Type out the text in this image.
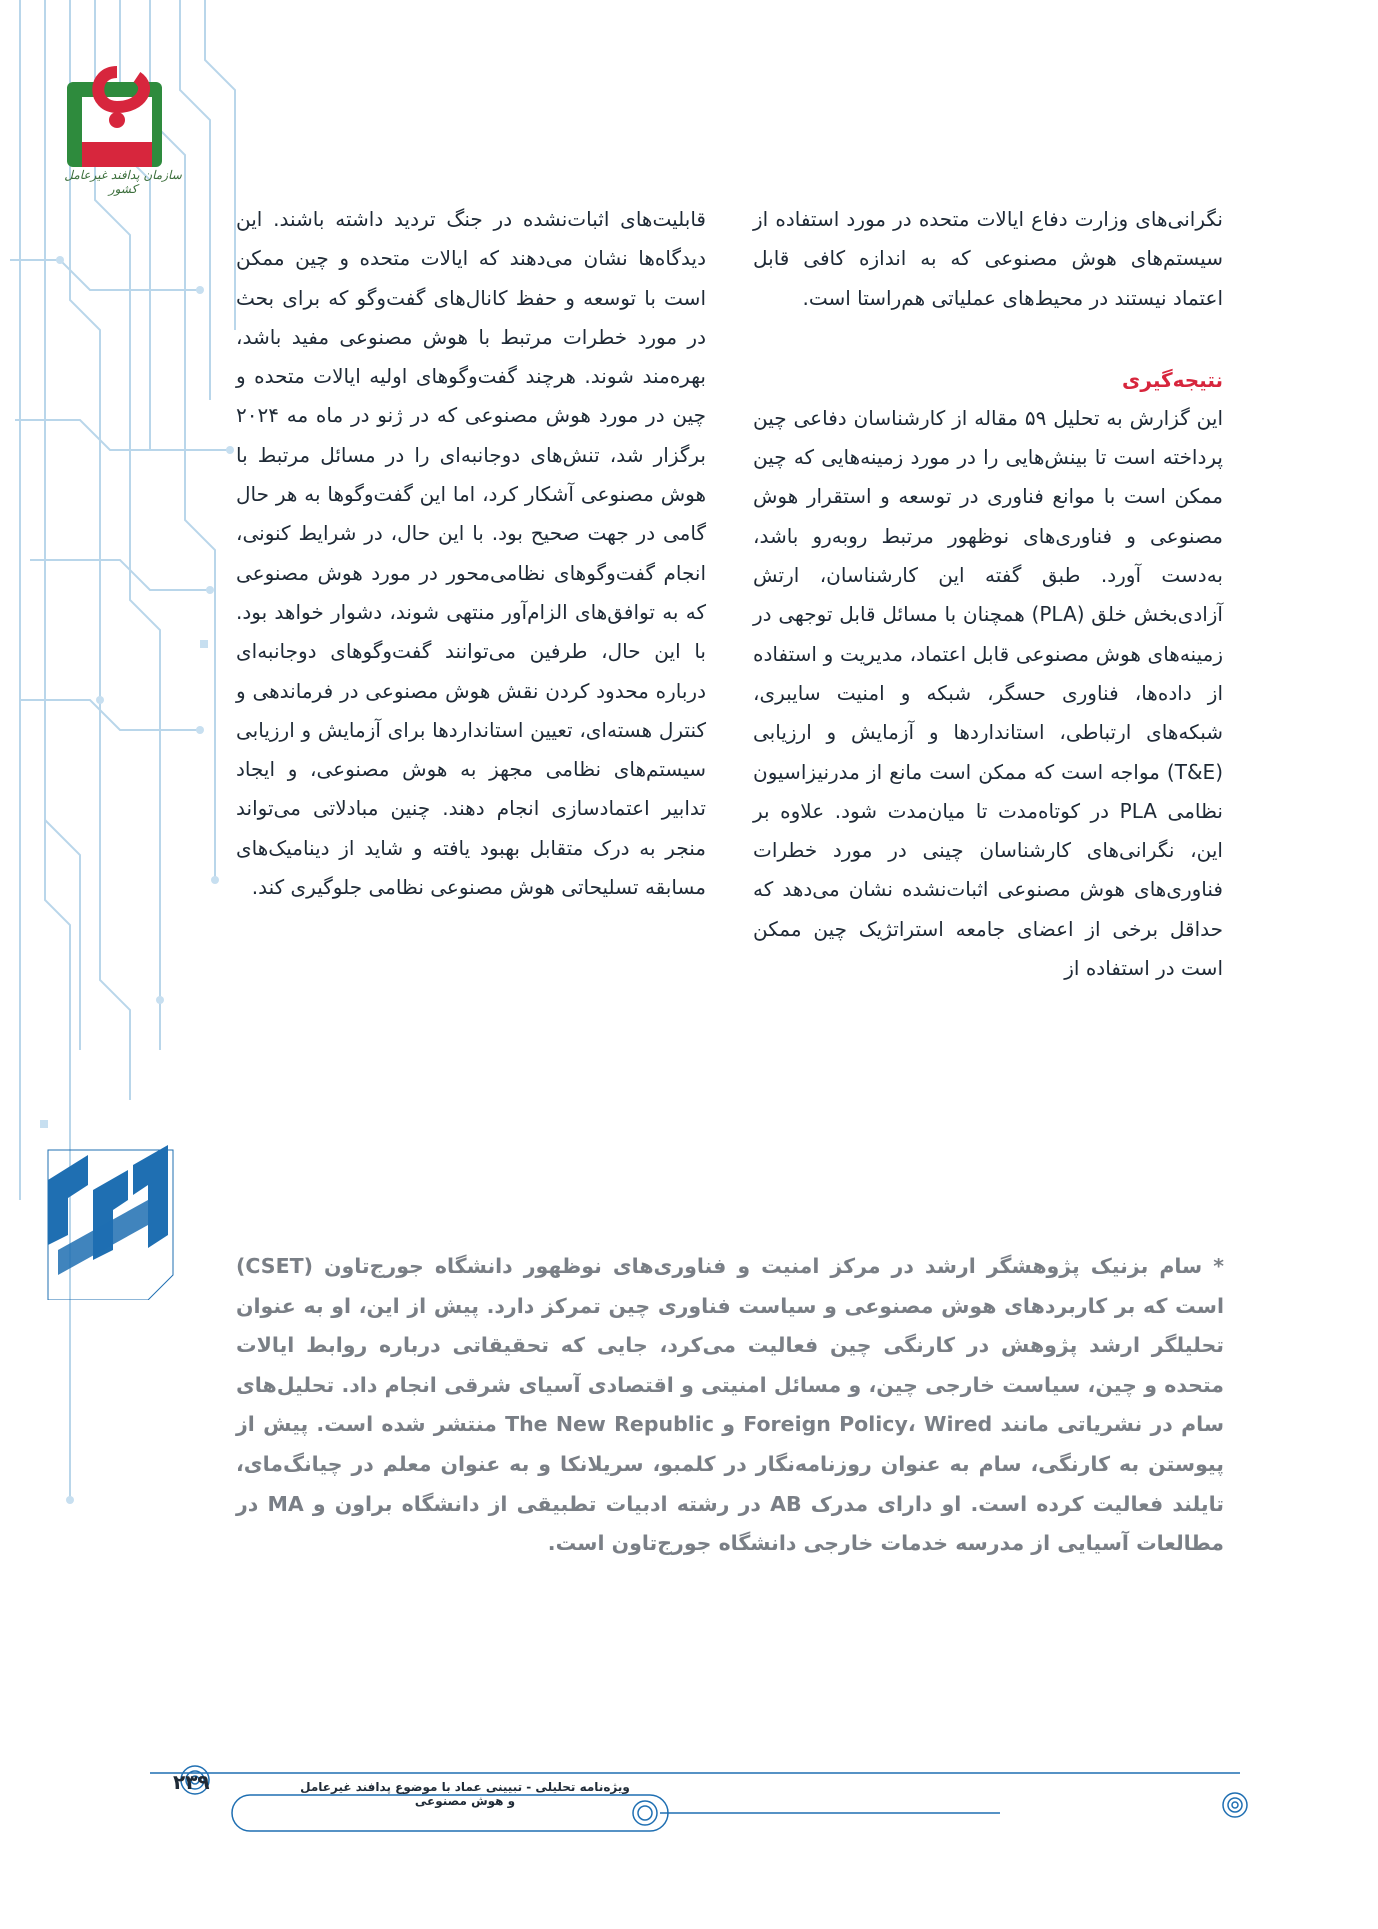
سازمان پدافند غیرعامل کشور

نگرانی‌های وزارت دفاع ایالات متحده در مورد استفاده از سیستم‌های هوش مصنوعی که به اندازه کافی قابل اعتماد نیستند در محیط‌های عملیاتی هم‌راستا است.

نتیجه‌گیری

این گزارش به تحلیل ۵۹ مقاله از کارشناسان دفاعی چین پرداخته است تا بینش‌هایی را در مورد زمینه‌هایی که چین ممکن است با موانع فناوری در توسعه و استقرار هوش مصنوعی و فناوری‌های نوظهور مرتبط روبه‌رو باشد، به‌دست آورد. طبق گفته این کارشناسان، ارتش آزادی‌بخش خلق (PLA) همچنان با مسائل قابل توجهی در زمینه‌های هوش مصنوعی قابل اعتماد، مدیریت و استفاده از داده‌ها، فناوری حسگر، شبکه و امنیت سایبری، شبکه‌های ارتباطی، استانداردها و آزمایش و ارزیابی (T&E) مواجه است که ممکن است مانع از مدرنیزاسیون نظامی PLA در کوتاه‌مدت تا میان‌مدت شود. علاوه بر این، نگرانی‌های کارشناسان چینی در مورد خطرات فناوری‌های هوش مصنوعی اثبات‌نشده نشان می‌دهد که حداقل برخی از اعضای جامعه استراتژیک چین ممکن است در استفاده از

قابلیت‌های اثبات‌نشده در جنگ تردید داشته باشند. این دیدگاه‌ها نشان می‌دهند که ایالات متحده و چین ممکن است با توسعه و حفظ کانال‌های گفت‌وگو که برای بحث در مورد خطرات مرتبط با هوش مصنوعی مفید باشد، بهره‌مند شوند. هرچند گفت‌وگوهای اولیه ایالات متحده و چین در مورد هوش مصنوعی که در ژنو در ماه مه ۲۰۲۴ برگزار شد، تنش‌های دوجانبه‌ای را در مسائل مرتبط با هوش مصنوعی آشکار کرد، اما این گفت‌وگوها به هر حال گامی در جهت صحیح بود. با این حال، در شرایط کنونی، انجام گفت‌وگوهای نظامی‌محور در مورد هوش مصنوعی که به توافق‌های الزام‌آور منتهی شوند، دشوار خواهد بود. با این حال، طرفین می‌توانند گفت‌وگوهای دوجانبه‌ای درباره محدود کردن نقش هوش مصنوعی در فرماندهی و کنترل هسته‌ای، تعیین استانداردها برای آزمایش و ارزیابی سیستم‌های نظامی مجهز به هوش مصنوعی، و ایجاد تدابیر اعتمادسازی انجام دهند. چنین مبادلاتی می‌تواند منجر به درک متقابل بهبود یافته و شاید از دینامیک‌های مسابقه تسلیحاتی هوش مصنوعی نظامی جلوگیری کند.

* سام بزنیک پژوهشگر ارشد در مرکز امنیت و فناوری‌های نوظهور دانشگاه جورج‌تاون (CSET) است که بر کاربردهای هوش مصنوعی و سیاست فناوری چین تمرکز دارد. پیش از این، او به عنوان تحلیلگر ارشد پژوهش در کارنگی چین فعالیت می‌کرد، جایی که تحقیقاتی درباره روابط ایالات متحده و چین، سیاست خارجی چین، و مسائل امنیتی و اقتصادی آسیای شرقی انجام داد. تحلیل‌های سام در نشریاتی مانند Foreign Policy، Wired و The New Republic منتشر شده است. پیش از پیوستن به کارنگی، سام به عنوان روزنامه‌نگار در کلمبو، سریلانکا و به عنوان معلم در چیانگ‌مای، تایلند فعالیت کرده است. او دارای مدرک AB در رشته ادبیات تطبیقی از دانشگاه براون و MA در مطالعات آسیایی از مدرسه خدمات خارجی دانشگاه جورج‌تاون است.
ویژه‌نامه تحلیلی - تبیینی عماد با موضوع پدافند غیرعامل و هوش مصنوعی
۲۳۹
